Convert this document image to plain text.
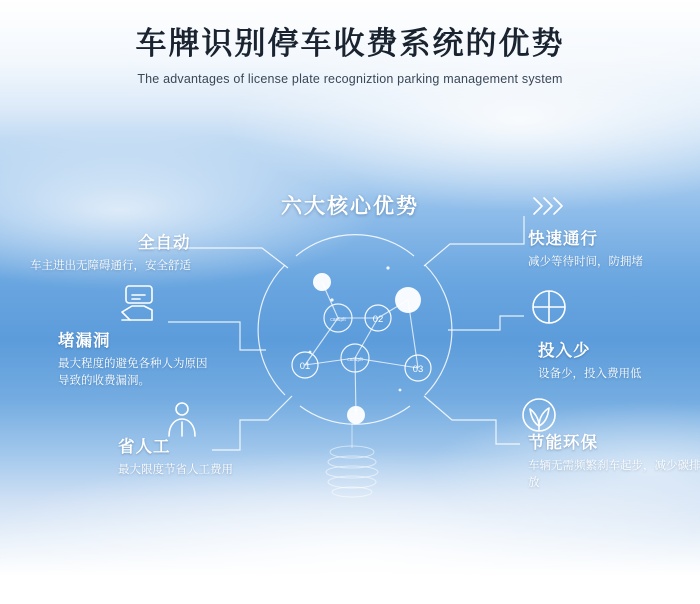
车牌识别停车收费系统的优势
The advantages of license plate recogniztion parking management system
六大核心优势
01
02
03
car&plt
car&plt
全自动
车主进出无障碍通行，安全舒适
堵漏洞
最大程度的避免各种人为原因
导致的收费漏洞。
省人工
最大限度节省人工费用
快速通行
减少等待时间，防拥堵
投入少
设备少，投入费用低
节能环保
车辆无需频繁刹车起步，减少碳排放
